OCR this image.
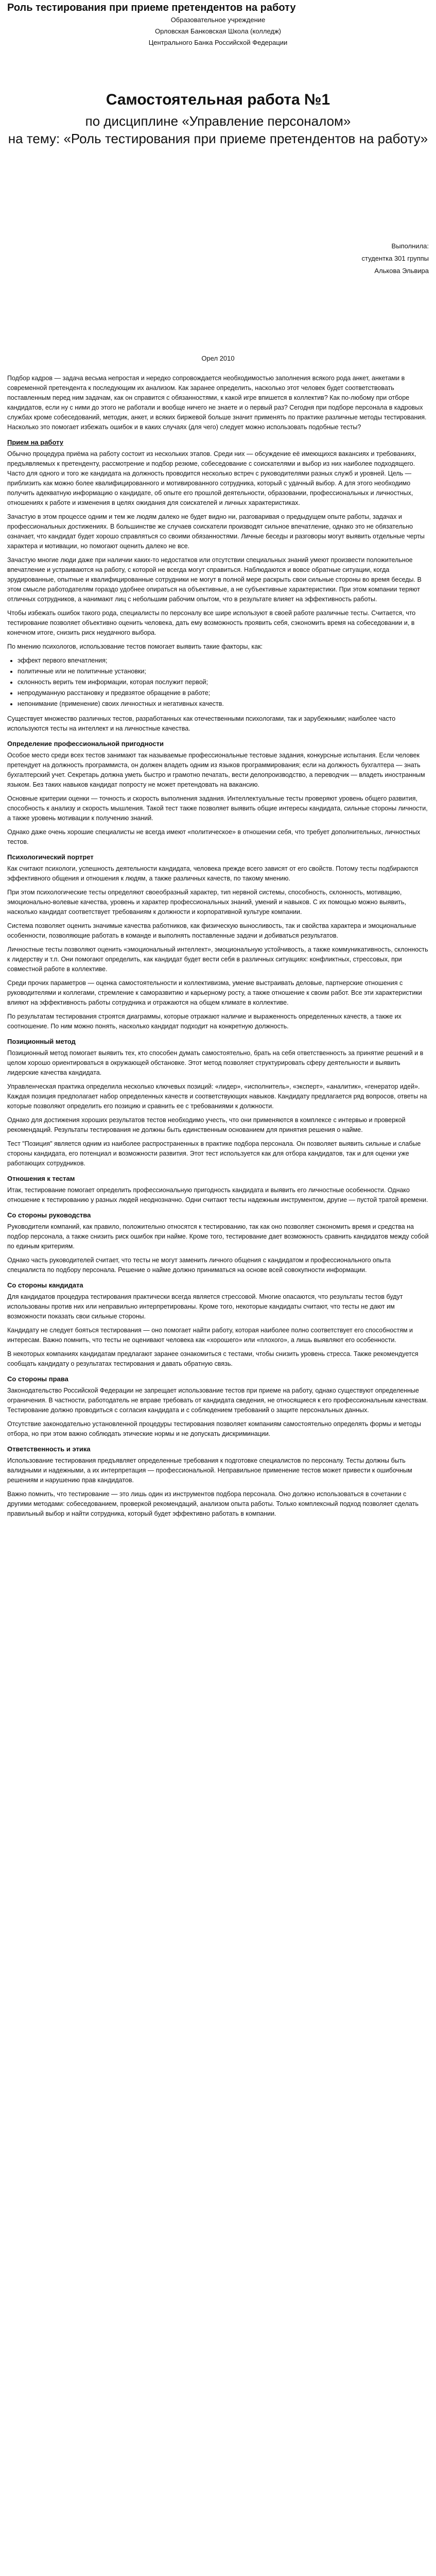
Роль тестирования при приеме претендентов на работу
Образовательное учреждение
Орловская Банковская Школа (колледж)
Центрального Банка Российской Федерации
Самостоятельная работа №1
по дисциплине «Управление персоналом»
на тему: «Роль тестирования при приеме претендентов на работу»
Выполнила:
студентка 301 группы
Алькова Эльвира
Орел 2010

Подбор кадров — задача весьма непростая и нередко сопровождается необходимостью заполнения всякого рода анкет, анкетами в современной претендента к последующим их анализом. Как заранее определить, насколько этот человек будет соответствовать поставленным перед ним задачам, как он справится с обязанностями, к какой игре впишется в коллектив? Как по-любому при отборе кандидатов, если ну с ними до этого не работали и вообще ничего не знаете и о первый раз? Сегодня при подборе персонала в кадровых службах кроме собеседований, методик, анкет, и всяких биржевой больше значит применять по практике различные методы тестирования. Насколько это помогает избежать ошибок и в каких случаях (для чего) следует можно использовать подобные тесты?

Прием на работу

Обычно процедура приёма на работу состоит из нескольких этапов. Среди них — обсуждение её имеющихся вакансиях и требованиях, предъявляемых к претенденту, рассмотрение и подбор резюме, собеседование с соискателями и выбор из них наиболее подходящего. Часто для одного и того же кандидата на должность проводится несколько встреч с руководителями разных служб и уровней. Цель — приблизить как можно более квалифицированного и мотивированного сотрудника, который с удачный выбор. А для этого необходимо получить адекватную информацию о кандидате, об опыте его прошлой деятельности, образовании, профессиональных и личностных, отношениях к работе и изменения в целях ожидания для соискателей и личных характеристиках.

Зачастую в этом процессе одним и тем же людям далеко не будет видно ни, разговаривая о предыдущем опыте работы, задачах и профессиональных достижениях. В большинстве же случаев соискатели производят сильное впечатление, однако это не обязательно означает, что кандидат будет хорошо справляться со своими обязанностями. Личные беседы и разговоры могут выявить отдельные черты характера и мотивации, но помогают оценить далеко не все.

Зачастую многие люди даже при наличии каких-то недостатков или отсутствии специальных знаний умеют произвести положительное впечатление и устраиваются на работу, с которой не всегда могут справиться. Наблюдаются и вовсе обратные ситуации, когда эрудированные, опытные и квалифицированные сотрудники не могут в полной мере раскрыть свои сильные стороны во время беседы. В этом смысле работодателям гораздо удобнее опираться на объективные, а не субъективные характеристики. При этом компании теряют отличных сотрудников, а нанимают лиц с небольшим рабочим опытом, что в результате влияет на эффективность работы.

Чтобы избежать ошибок такого рода, специалисты по персоналу все шире используют в своей работе различные тесты. Считается, что тестирование позволяет объективно оценить человека, дать ему возможность проявить себя, сэкономить время на собеседовании и, в конечном итоге, снизить риск неудачного выбора.

По мнению психологов, использование тестов помогает выявить такие факторы, как:

• эффект первого впечатления;
• политичные или не политичные установки;
• склонность верить тем информации, которая послужит первой;
• непродуманную расстановку и предвзятое обращение в работе;
• непонимание (применение) своих личностных и негативных качеств.

Существует множество различных тестов, разработанных как отечественными психологами, так и зарубежными; наиболее часто используются тесты на интеллект и на личностные качества.

Определение профессиональной пригодности

Особое место среди всех тестов занимают так называемые профессиональные тестовые задания, конкурсные испытания. Если человек претендует на должность программиста, он должен владеть одним из языков программирования; если на должность бухгалтера — знать бухгалтерский учет. Секретарь должна уметь быстро и грамотно печатать, вести делопроизводство, а переводчик — владеть иностранным языком. Без таких навыков кандидат попросту не может претендовать на вакансию.

Основные критерии оценки — точность и скорость выполнения задания. Интеллектуальные тесты проверяют уровень общего развития, способность к анализу и скорость мышления. Такой тест также позволяет выявить общие интересы кандидата, сильные стороны личности, а также уровень мотивации к получению знаний.

Однако даже очень хорошие специалисты не всегда имеют «политическое» в отношении себя, что требует дополнительных, личностных тестов.

Психологический портрет

Как считают психологи, успешность деятельности кандидата, человека прежде всего зависят от его свойств. Потому тесты подбираются эффективного общения и отношения к людям, а также различных качеств, по такому мнению.

При этом психологические тесты определяют своеобразный характер, тип нервной системы, способность, склонность, мотивацию, эмоционально-волевые качества, уровень и характер профессиональных знаний, умений и навыков. С их помощью можно выявить, насколько кандидат соответствует требованиям к должности и корпоративной культуре компании.

Система позволяет оценить значимые качества работников, как физическую выносливость, так и свойства характера и эмоциональные особенности, позволяющие работать в команде и выполнять поставленные задачи и добиваться результатов.

Личностные тесты позволяют оценить «эмоциональный интеллект», эмоциональную устойчивость, а также коммуникативность, склонность к лидерству и т.п. Они помогают определить, как кандидат будет вести себя в различных ситуациях: конфликтных, стрессовых, при совместной работе в коллективе.

Среди прочих параметров — оценка самостоятельности и коллективизма, умение выстраивать деловые, партнерские отношения с руководителями и коллегами, стремление к саморазвитию и карьерному росту, а также отношение к своим работ. Все эти характеристики влияют на эффективность работы сотрудника и отражаются на общем климате в коллективе.

По результатам тестирования строятся диаграммы, которые отражают наличие и выраженность определенных качеств, а также их соотношение. По ним можно понять, насколько кандидат подходит на конкретную должность.

Позиционный метод

Позиционный метод помогает выявить тех, кто способен думать самостоятельно, брать на себя ответственность за принятие решений и в целом хорошо ориентироваться в окружающей обстановке. Этот метод позволяет структурировать сферу деятельности и выявить лидерские качества кандидата.

Управленческая практика определила несколько ключевых позиций: «лидер», «исполнитель», «эксперт», «аналитик», «генератор идей». Каждая позиция предполагает набор определенных качеств и соответствующих навыков. Кандидату предлагается ряд вопросов, ответы на которые позволяют определить его позицию и сравнить ее с требованиями к должности.

Однако для достижения хороших результатов тестов необходимо учесть, что они применяются в комплексе с интервью и проверкой рекомендаций. Результаты тестирования не должны быть единственным основанием для принятия решения о найме.

Тест "Позиция" является одним из наиболее распространенных в практике подбора персонала. Он позволяет выявить сильные и слабые стороны кандидата, его потенциал и возможности развития. Этот тест используется как для отбора кандидатов, так и для оценки уже работающих сотрудников.

Отношения к тестам

Итак, тестирование помогает определить профессиональную пригодность кандидата и выявить его личностные особенности. Однако отношение к тестированию у разных людей неоднозначно. Одни считают тесты надежным инструментом, другие — пустой тратой времени.

Со стороны руководства

Руководители компаний, как правило, положительно относятся к тестированию, так как оно позволяет сэкономить время и средства на подбор персонала, а также снизить риск ошибок при найме. Кроме того, тестирование дает возможность сравнить кандидатов между собой по единым критериям.

Однако часть руководителей считает, что тесты не могут заменить личного общения с кандидатом и профессионального опыта специалиста по подбору персонала. Решение о найме должно приниматься на основе всей совокупности информации.

Со стороны кандидата

Для кандидатов процедура тестирования практически всегда является стрессовой. Многие опасаются, что результаты тестов будут использованы против них или неправильно интерпретированы. Кроме того, некоторые кандидаты считают, что тесты не дают им возможности показать свои сильные стороны.

Кандидату не следует бояться тестирования — оно помогает найти работу, которая наиболее полно соответствует его способностям и интересам. Важно помнить, что тесты не оценивают человека как «хорошего» или «плохого», а лишь выявляют его особенности.

В некоторых компаниях кандидатам предлагают заранее ознакомиться с тестами, чтобы снизить уровень стресса. Также рекомендуется сообщать кандидату о результатах тестирования и давать обратную связь.

Со стороны права

Законодательство Российской Федерации не запрещает использование тестов при приеме на работу, однако существуют определенные ограничения. В частности, работодатель не вправе требовать от кандидата сведения, не относящиеся к его профессиональным качествам. Тестирование должно проводиться с согласия кандидата и с соблюдением требований о защите персональных данных.

Отсутствие законодательно установленной процедуры тестирования позволяет компаниям самостоятельно определять формы и методы отбора, но при этом важно соблюдать этические нормы и не допускать дискриминации.

Ответственность и этика

Использование тестирования предъявляет определенные требования к подготовке специалистов по персоналу. Тесты должны быть валидными и надежными, а их интерпретация — профессиональной. Неправильное применение тестов может привести к ошибочным решениям и нарушению прав кандидатов.

Важно помнить, что тестирование — это лишь один из инструментов подбора персонала. Оно должно использоваться в сочетании с другими методами: собеседованием, проверкой рекомендаций, анализом опыта работы. Только комплексный подход позволяет сделать правильный выбор и найти сотрудника, который будет эффективно работать в компании.
